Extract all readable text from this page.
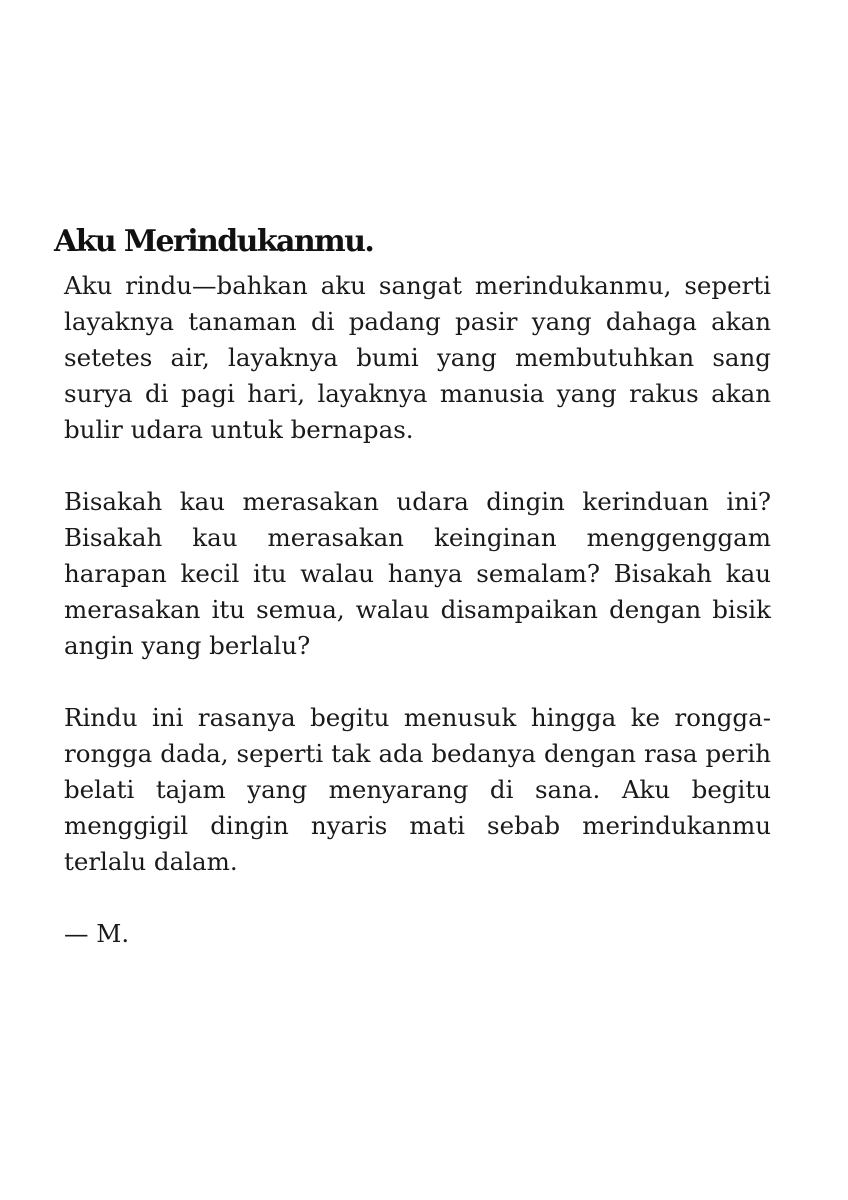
Aku Merindukanmu.

Aku rindu—bahkan aku sangat merindukanmu, seperti layaknya tanaman di padang pasir yang dahaga akan setetes air, layaknya bumi yang membutuhkan sang surya di pagi hari, layaknya manusia yang rakus akan bulir udara untuk bernapas.

Bisakah kau merasakan udara dingin kerinduan ini? Bisakah kau merasakan keinginan menggenggam harapan kecil itu walau hanya semalam? Bisakah kau merasakan itu semua, walau disampaikan dengan bisik angin yang berlalu?

Rindu ini rasanya begitu menusuk hingga ke rongga-rongga dada, seperti tak ada bedanya dengan rasa perih belati tajam yang menyarang di sana. Aku begitu menggigil dingin nyaris mati sebab merindukanmu terlalu dalam.

— M.
